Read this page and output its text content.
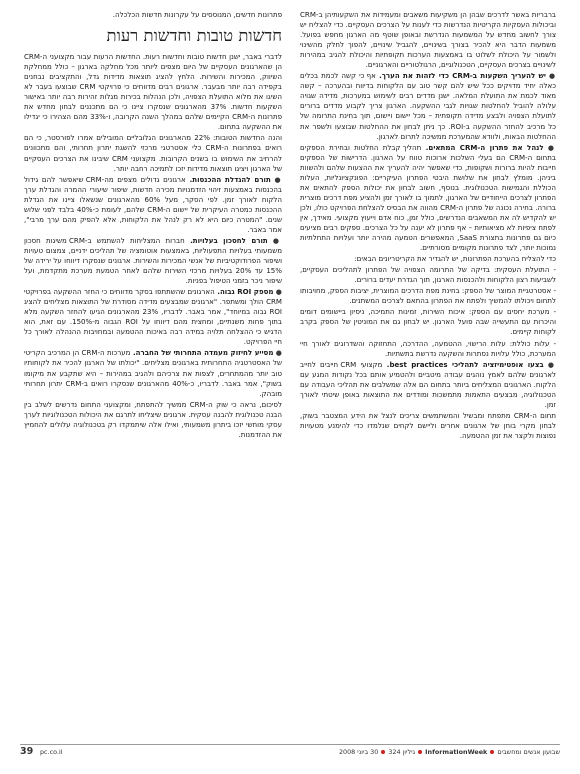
ברבריות באשר לדרכים שבהן הן משקיעות משאבים ומעמידות את השקעותיהן ב-CRM וביכולות העסקיות הקריטיות הנדרשות כדי לענות על הצרכים העסקיים. כדי להצליח יש צורך לחשוב מחדש על המשמעות הנדרשת ובאופן שוטף מה הארגון מחפש בפועל. משמעות הדבר היא להכיר בצורך בשינויים, להגביל שינויים, להפוך לחלק מהשינוי ולשמור על היכולת לשלוט בו באמצעות הערכות תקופתיות והיכולת להגיב במהירות לשינויים בצרכים העסקיים, הטכנולוגיים, הרגולטוריים והארגוניים.

● יש להעריך השקעות ב-CRM כדי לזהות את הערך. אף כי קשה לכמת בכלים כאלה יחיד מדויקים ככל שיש להם קשר טוב עם הלקוחות בדיווח ובהערכה – קשה מאוד לכמת את התועלת המלאה. ישנן מדדים רבים לשימוש במערכות, מדידה שגויה עלולה להוביל להחלטות שגויות לגבי ההשקעה. הארגון צריך לקבוע מדדים ברורים לתועלת הצפויה ולבצע מדידה תקופתית – מכל יישום ויישום, תוך בחינת התרומה של כל מרכיב להחזר ההשקעה ב-ROI. כך ניתן לבחון את ההחלטות שבוצעו ולשפר את ההחלטות הבאות, ולוודא שהמערכת ממשיכה לתרום לארגון.

● לנהל את פתרון ה-CRM המתאים. תהליך קבלת החלטות ובחירת הספקים בתחום ה-CRM הם בעלי השלכות ארוכות טווח על הארגון. הדרישות של הספקים חייבות להיות ברורות ושקופות, כדי שאפשר יהיה להעריך את ההצעות שלהם ולהשוות ביניהן. מומלץ לבחון את שלושת היבטי הפתרון העיקריים: הפונקציונליות, העלות הכוללת והגמישות הטכנולוגית. בנוסף, חשוב לבחון את יכולות הספק להתאים את הפתרון לצרכים הייחודיים של הארגון, לתמוך בו לאורך זמן ולהציע מפת דרכים מוצרית ברורה. בחירה נכונה של פתרון ה-CRM מהווה את הבסיס להצלחת הפרויקט כולו, ולכן יש להקדיש לה את המשאבים הנדרשים, כולל זמן, כוח אדם וייעוץ מקצועי. מאידך, אין לפתח ציפיות לא מציאותיות – אף פתרון לא יענה על כל הצרכים. ספקים רבים מציעים כיום גם פתרונות בתצורת SaaS, המאפשרים הטמעה מהירה יותר ועלויות התחלתיות נמוכות יותר, לצד פתרונות מקומיים מסורתיים.

כדי להצליח בהערכת הפתרונות, יש להגדיר את הקריטריונים הבאים:

- התועלת העסקית: בדיקה של התרומה הצפויה של הפתרון לתהליכים העסקיים, לשביעות רצון הלקוחות ולהכנסות הארגון, תוך הגדרת יעדים ברורים.

- אסטרטגיית המוצר של הספק: בחינת מפת הדרכים המוצרית, יציבות הספק, מחויבותו לתחום ויכולתו להמשיך ולפתח את הפתרון בהתאם לצרכים המשתנים.

- מערכת יחסים עם הספק: איכות השירות, זמינות התמיכה, ניסיון ביישומים דומים והיכרות עם התעשייה שבה פועל הארגון. יש לבחון גם את המוניטין של הספק בקרב לקוחות קיימים.

- עלות כוללת: עלות הרישוי, ההטמעה, ההדרכה, התחזוקה והשדרוגים לאורך חיי המערכת, כולל עלויות נסתרות והשקעה נדרשת בתשתיות.

● בצעו אופטימיזציה לתהליכי best practices. מקצועי CRM חייבים לחייב לארגונים שלהם לאמץ נוהגים עבודה מיטביים ולהטמיע אותם בכל נקודות המגע עם הלקוח. הארגונים המצליחים ביותר בתחום הם אלה שמשלבים את תהליכי העבודה עם הטכנולוגיה, מבצעים התאמות מתמשכות ומודדים את התוצאות באופן שיטתי לאורך זמן.

תחום ה-CRM מתפתח ומבשיל והמשתמשים צריכים לנצל את הידע המצטבר בשוק, לבחון מקרי בוחן של ארגונים אחרים וליישם לקחים שנלמדו כדי להימנע מטעויות נפוצות ולקצר את זמן ההטמעה.

פתרונות חדשים, המנוססים על עקרונות חדשות הכלכלה.

חדשות טובות וחדשות רעות

לדברי באבר, ישנן חדשות טובות וחדשות רעות. החדשות הרעות עבור מקצועני ה-CRM הן שהארגונים העסקיים של היום מצפים ליותר מכל מחלקה בארגון – כולל ממחלקת השיווק, המכירות והשירות. הלחץ להציג תוצאות מדידות גדל, והתקציבים נבחנים בקפידה רבה יותר מבעבר. ארגונים רבים מדווחים כי פרויקטי CRM שבוצעו בעבר לא השיגו את מלוא התועלת הצפויה, ולכן הנהלות בכירות מגלות זהירות רבה יותר באישור השקעות חדשות. 37% מהארגונים שנסקרו ציינו כי הם מתכננים לבחון מחדש את פתרונות ה-CRM הקיימים שלהם במהלך השנה הקרובה, ו-33% מהם הצהירו כי יגדילו את ההשקעה בתחום.

והנה החדשות הטובות: 22% מהארגונים הגלובליים המובילים אמרו לפורסטר, כי הם רואים בפתרונות ה-CRM כלי אסטרטגי מרכזי להשגת יתרון תחרותי, והם מתכוונים להרחיב את השימוש בו בשנים הקרובות. מקצועני CRM שיבינו את הצרכים העסקיים של הארגון ויציגו תוצאות מדידות יזכו לתמיכה רחבה יותר.

● תורם להגדלת ההכנסות. ארגונים גדולים מצפים מה-CRM שיאפשר להם גידול בהכנסות באמצעות זיהוי הזדמנויות מכירה חדשות, שיפור שיעורי ההמרה והגדלת ערך הלקוח לאורך זמן. לפי הסקר, מעל 60% מהארגונים שנשאלו ציינו את הגדלת ההכנסות כמטרה העיקרית של יישום ה-CRM שלהם, לעומת כ-40% בלבד לפני שלוש שנים. "המטרה כיום היא לא רק לנהל את הלקוחות, אלא להפיק מהם ערך מרבי", אמר באבר.

● תורם לחסכון בעלויות. חברות המצליחות להשתמש ב-CRM משיגות חסכון משמעותי בעלויות התפעוליות, באמצעות אוטומציה של תהליכים ידניים, צמצום טעויות ושיפור הפרודוקטיביות של אנשי המכירות והשירות. ארגונים שנסקרו דיווחו על ירידה של 15% עד 20% בעלויות מרכזי השירות שלהם לאחר הטמעת מערכת מתקדמת, ועל שיפור ניכר בזמני הטיפול בפניות.

● מספק ROI גבוה. הארגונים שהשתתפו בסקר מדווחים כי החזר ההשקעה בפרויקטי CRM הולך ומשתפר. "ארגונים שמבצעים מדידה מסודרת של התוצאות מצליחים להציג ROI גבוה במיוחד", אמר באבר. לדבריו, 23% מהארגונים הגיעו להחזר השקעה מלא בתוך פחות משנתיים, ומחצית מהם דיווחו על ROI הגבוה מ-150%. עם זאת, הוא הדגיש כי ההצלחה תלויה במידה רבה באיכות ההטמעה ובמחויבות ההנהלה לאורך כל חיי הפרויקט.

● מסייע לחיזוק מעמדה התחרותי של החברה. מערכות ה-CRM הן המרכיב הקריטי של האסטרטגיה התחרותית בארגונים מצליחים. "יכולתו של הארגון להכיר את לקוחותיו טוב יותר מהמתחרים, לצפות את צרכיהם ולהגיב במהירות – היא שתקבע את מיקומו בשוק", אמר באבר. לדבריו, כ-40% מהארגונים שנסקרו רואים ב-CRM יתרון תחרותי מובהק.

לסיכום, נראה כי שוק ה-CRM ממשיך להתפתח, ומקצועני התחום נדרשים לשלב בין הבנה טכנולוגית להבנה עסקית. ארגונים שיצליחו לתרגם את היכולות הטכנולוגיות לערך עסקי מוחשי יזכו ביתרון משמעותי, ואילו אלה שיתמקדו רק בטכנולוגיה עלולים להחמיץ את ההזדמנות.

39 pc.co.il	שבועון אנשים ומחשביםInformationWeekגיליון 32430 ביוני 2008
